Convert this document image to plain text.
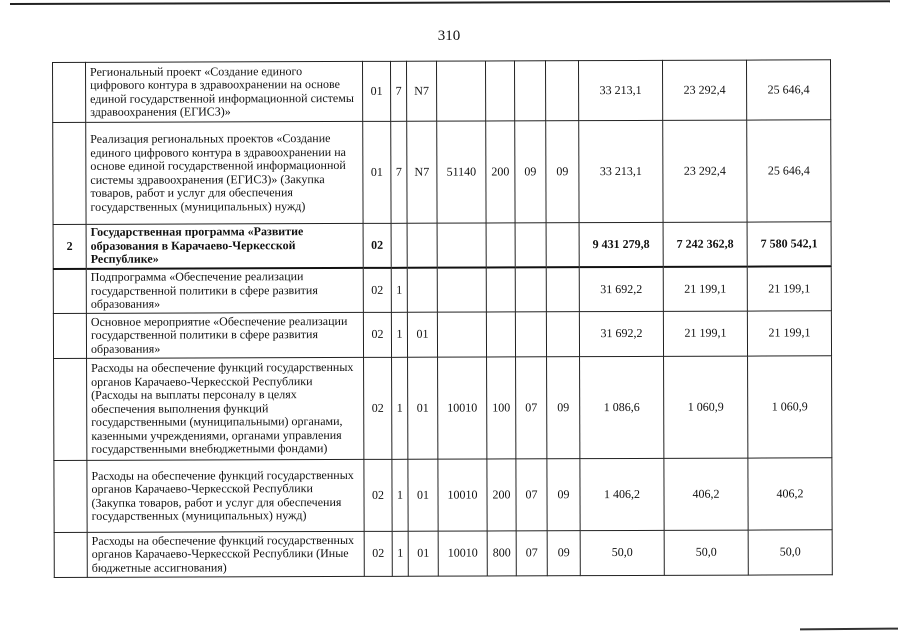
310
	Региональный проект «Создание единого цифрового контура в здравоохранении на основе единой государственной информационной системы здравоохранения (ЕГИСЗ)»	01	7	N7					33 213,1	23 292,4	25 646,4
	Реализация региональных проектов «Создание единого цифрового контура в здравоохранении на основе единой государственной информационной системы здравоохранения (ЕГИСЗ)» (Закупка товаров, работ и услуг для обеспечения государственных (муниципальных) нужд)	01	7	N7	51140	200	09	09	33 213,1	23 292,4	25 646,4
2	Государственная программа «Развитие образования в Карачаево-Черкесской Республике»	02							9 431 279,8	7 242 362,8	7 580 542,1
	Подпрограмма «Обеспечение реализации государственной политики в сфере развития образования»	02	1						31 692,2	21 199,1	21 199,1
	Основное мероприятие «Обеспечение реализации государственной политики в сфере развития образования»	02	1	01					31 692,2	21 199,1	21 199,1
	Расходы на обеспечение функций государственных органов Карачаево-Черкесской Республики (Расходы на выплаты персоналу в целях обеспечения выполнения функций государственными (муниципальными) органами, казенными учреждениями, органами управления государственными внебюджетными фондами)	02	1	01	10010	100	07	09	1 086,6	1 060,9	1 060,9
	Расходы на обеспечение функций государственных органов Карачаево-Черкесской Республики (Закупка товаров, работ и услуг для обеспечения государственных (муниципальных) нужд)	02	1	01	10010	200	07	09	1 406,2	406,2	406,2
	Расходы на обеспечение функций государственных органов Карачаево-Черкесской Республики (Иные бюджетные ассигнования)	02	1	01	10010	800	07	09	50,0	50,0	50,0
